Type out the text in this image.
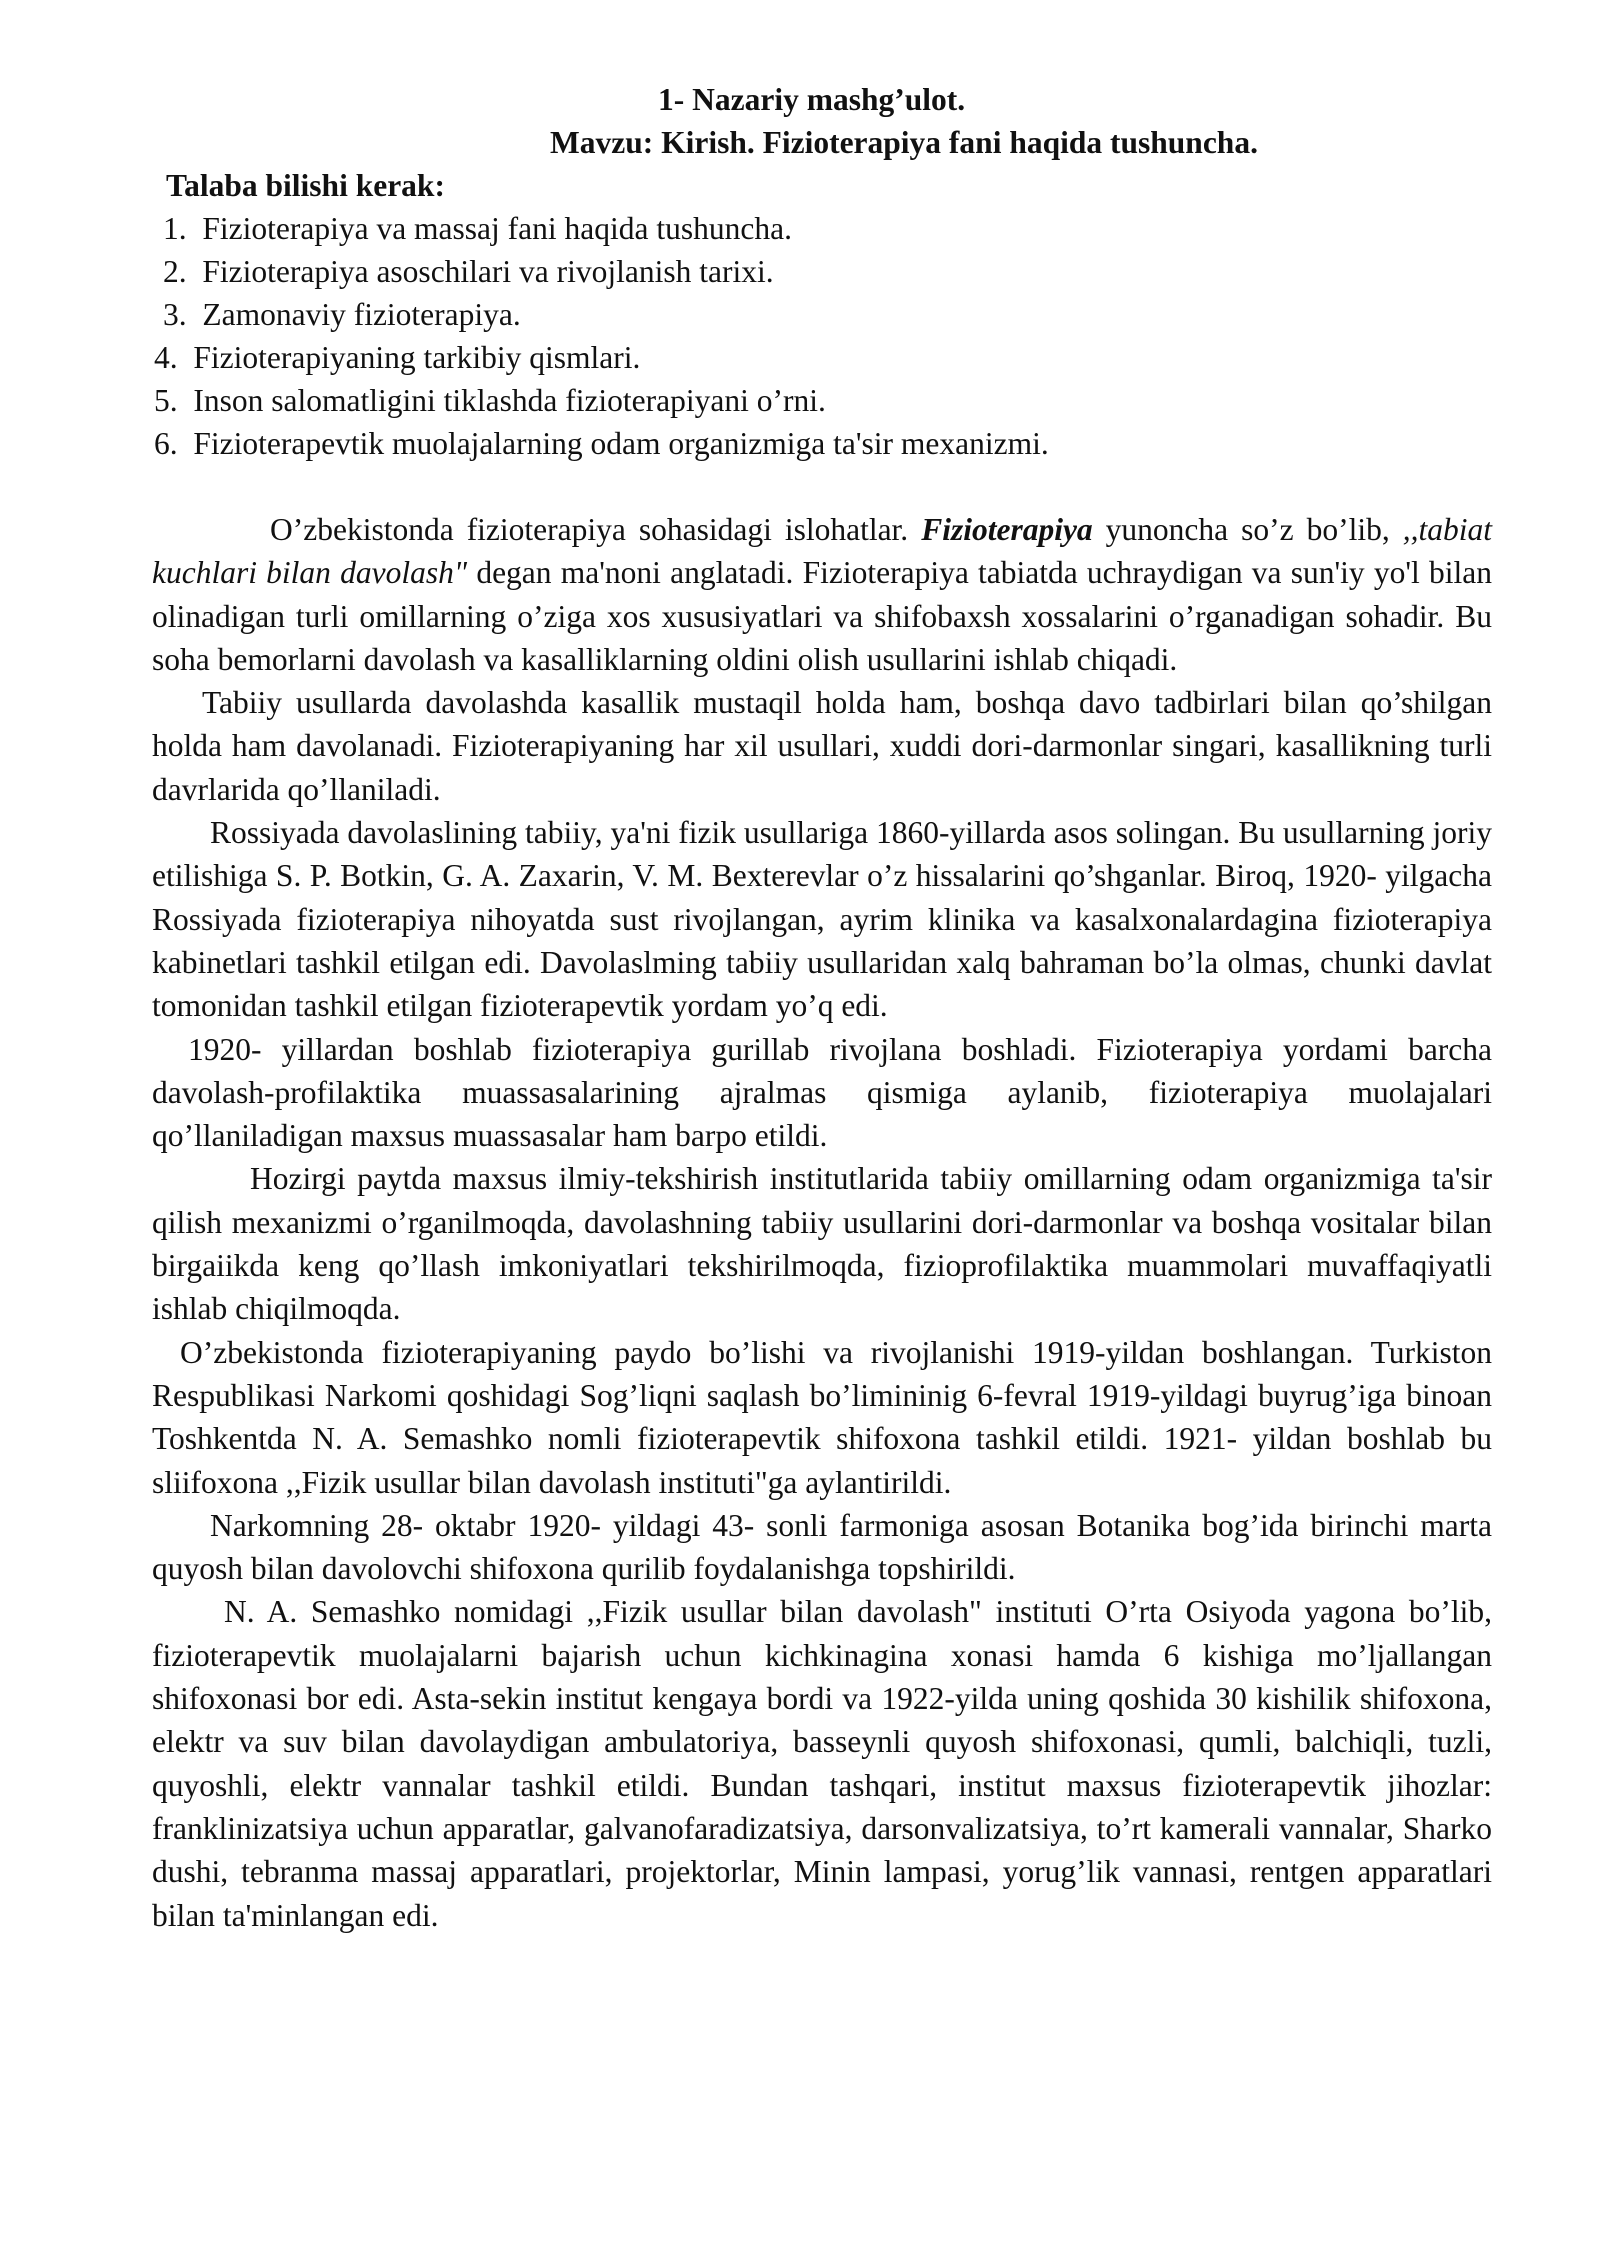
1- Nazariy mashg’ulot.
Mavzu: Kirish. Fizioterapiya fani haqida tushuncha.
Talaba bilishi kerak:
1. Fizioterapiya va massaj fani haqida tushuncha.
2. Fizioterapiya asoschilari va rivojlanish tarixi.
3. Zamonaviy fizioterapiya.
4. Fizioterapiyaning tarkibiy qismlari.
5. Inson salomatligini tiklashda fizioterapiyani o’rni.
6. Fizioterapevtik muolajalarning odam organizmiga ta'sir mexanizmi.

O’zbekistonda fizioterapiya sohasidagi islohatlar. Fizioterapiya yunoncha so’z bo’lib, ,,tabiat kuchlari bilan davolash" degan ma'noni anglatadi. Fizioterapiya tabiatda uchraydigan va sun'iy yo'l bilan olinadigan turli omillarning o’ziga xos xususiyatlari va shifobaxsh xossalarini o’rganadigan sohadir. Bu soha bemorlarni davolash va kasalliklarning oldini olish usullarini ishlab chiqadi.

Tabiiy usullarda davolashda kasallik mustaqil holda ham, boshqa davo tadbirlari bilan qo’shilgan holda ham davolanadi. Fizioterapiyaning har xil usullari, xuddi dori-darmonlar singari, kasallikning turli davrlarida qo’llaniladi.

Rossiyada davolaslining tabiiy, ya'ni fizik usullariga 1860-yillarda asos solingan. Bu usullarning joriy etilishiga S. P. Botkin, G. A. Zaxarin, V. M. Bexterevlar o’z hissalarini qo’shganlar. Biroq, 1920- yilgacha Rossiyada fizioterapiya nihoyatda sust rivojlangan, ayrim klinika va kasalxonalardagina fizioterapiya kabinetlari tashkil etilgan edi. Davolaslming tabiiy usullaridan xalq bahraman bo’la olmas, chunki davlat tomonidan tashkil etilgan fizioterapevtik yordam yo’q edi.

1920- yillardan boshlab fizioterapiya gurillab rivojlana boshladi. Fizioterapiya yordami barcha davolash-profilaktika muassasalarining ajralmas qismiga aylanib, fizioterapiya muolajalari qo’llaniladigan maxsus muassasalar ham barpo etildi.

Hozirgi paytda maxsus ilmiy-tekshirish institutlarida tabiiy omillarning odam organizmiga ta'sir qilish mexanizmi o’rganilmoqda, davolashning tabiiy usullarini dori-darmonlar va boshqa vositalar bilan birgaiikda keng qo’llash imkoniyatlari tekshirilmoqda, fizioprofilaktika muammolari muvaffaqiyatli ishlab chiqilmoqda.

O’zbekistonda fizioterapiyaning paydo bo’lishi va rivojlanishi 1919-yildan boshlangan. Turkiston Respublikasi Narkomi qoshidagi Sog’liqni saqlash bo’limininig 6-fevral 1919-yildagi buyrug’iga binoan Toshkentda N. A. Semashko nomli fizioterapevtik shifoxona tashkil etildi. 1921- yildan boshlab bu sliifoxona ,,Fizik usullar bilan davolash instituti"ga aylantirildi.

Narkomning 28- oktabr 1920- yildagi 43- sonli farmoniga asosan Botanika bog’ida birinchi marta quyosh bilan davolovchi shifoxona qurilib foydalanishga topshirildi.

N. A. Semashko nomidagi ,,Fizik usullar bilan davolash" instituti O’rta Osiyoda yagona bo’lib, fizioterapevtik muolajalarni bajarish uchun kichkinagina xonasi hamda 6 kishiga mo’ljallangan shifoxonasi bor edi. Asta-sekin institut kengaya bordi va 1922-yilda uning qoshida 30 kishilik shifoxona, elektr va suv bilan davolaydigan ambulatoriya, basseynli quyosh shifoxonasi, qumli, balchiqli, tuzli, quyoshli, elektr vannalar tashkil etildi. Bundan tashqari, institut maxsus fizioterapevtik jihozlar: franklinizatsiya uchun apparatlar, galvanofaradizatsiya, darsonvalizatsiya, to’rt kamerali vannalar, Sharko dushi, tebranma massaj apparatlari, projektorlar, Minin lampasi, yorug’lik vannasi, rentgen apparatlari bilan ta'minlangan edi.
